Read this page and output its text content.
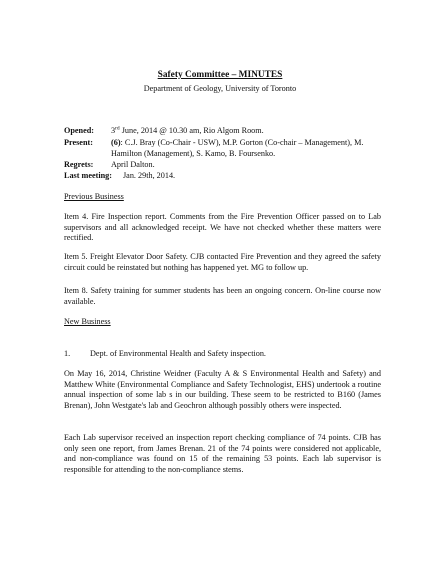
Safety Committee – MINUTES
Department of Geology, University of Toronto
Opened: 3rd June, 2014 @ 10.30 am, Rio Algom Room.
Present: (6): C.J. Bray (Co-Chair - USW), M.P. Gorton (Co-chair – Management), M.
Hamilton (Management), S. Kamo, B. Foursenko.
Regrets: April Dalton.
Last meeting: Jan. 29th, 2014.
Previous Business

Item 4. Fire Inspection report. Comments from the Fire Prevention Officer passed on to Lab supervisors and all acknowledged receipt. We have not checked whether these matters were rectified.

Item 5. Freight Elevator Door Safety. CJB contacted Fire Prevention and they agreed the safety circuit could be reinstated but nothing has happened yet. MG to follow up.

Item 8. Safety training for summer students has been an ongoing concern. On-line course now available.

New Business
1. Dept. of Environmental Health and Safety inspection.

On May 16, 2014, Christine Weidner (Faculty A & S Environmental Health and Safety) and Matthew White (Environmental Compliance and Safety Technologist, EHS) undertook a routine annual inspection of some lab s in our building. These seem to be restricted to B160 (James Brenan), John Westgate's lab and Geochron although possibly others were inspected.

Each Lab supervisor received an inspection report checking compliance of 74 points. CJB has only seen one report, from James Brenan. 21 of the 74 points were considered not applicable, and non-compliance was found on 15 of the remaining 53 points. Each lab supervisor is responsible for attending to the non-compliance stems.
